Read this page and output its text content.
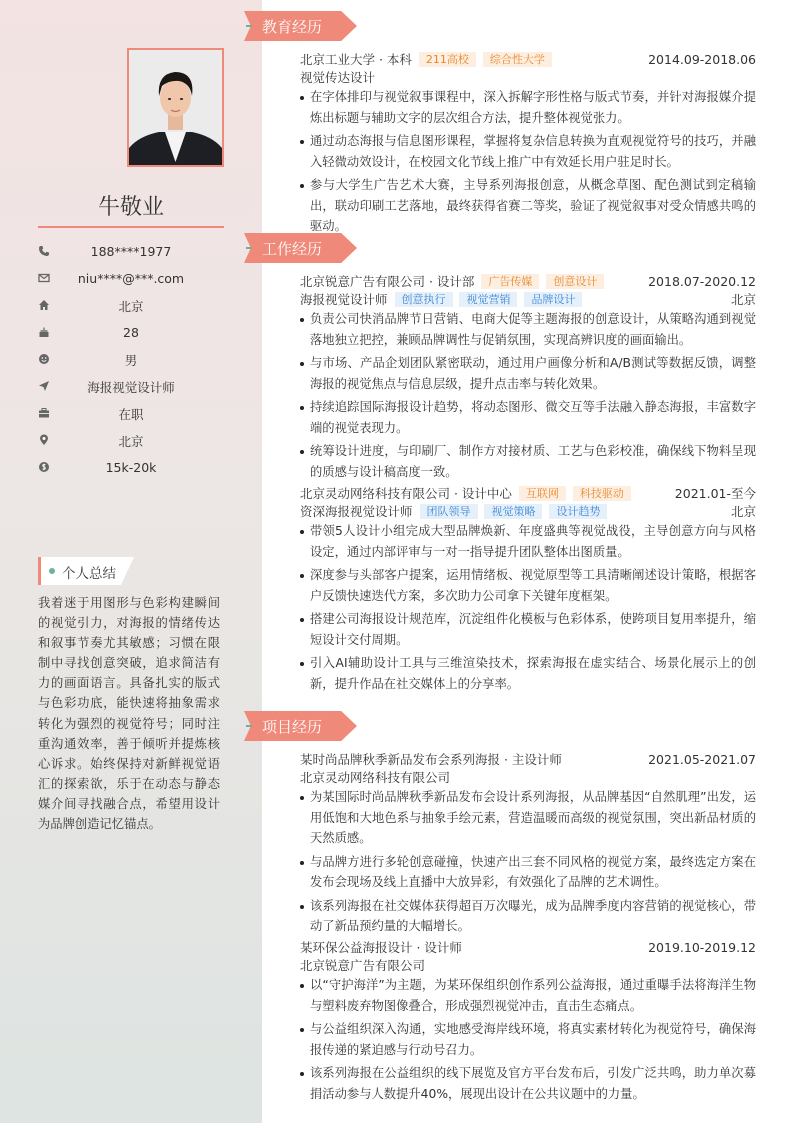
牛敬业
188****1977
niu****@***.com
北京
28
男
海报视觉设计师
在职
北京
15k-20k
个人总结
我着迷于用图形与色彩构建瞬间的视觉引力，对海报的情绪传达和叙事节奏尤其敏感；习惯在限制中寻找创意突破，追求简洁有力的画面语言。具备扎实的版式与色彩功底，能快速将抽象需求转化为强烈的视觉符号；同时注重沟通效率，善于倾听并提炼核心诉求。始终保持对新鲜视觉语汇的探索欲，乐于在动态与静态媒介间寻找融合点，希望用设计为品牌创造记忆锚点。
教育经历
北京工业大学 · 本科 211高校 综合性大学	2014.09-2018.06
视觉传达设计
在字体排印与视觉叙事课程中，深入拆解字形性格与版式节奏，并针对海报媒介提炼出标题与辅助文字的层次组合方法，提升整体视觉张力。
通过动态海报与信息图形课程，掌握将复杂信息转换为直观视觉符号的技巧，并融入轻微动效设计，在校园文化节线上推广中有效延长用户驻足时长。
参与大学生广告艺术大赛，主导系列海报创意，从概念草图、配色测试到定稿输出，联动印刷工艺落地，最终获得省赛二等奖，验证了视觉叙事对受众情感共鸣的驱动。
工作经历
北京锐意广告有限公司 · 设计部 广告传媒 创意设计	2018.07-2020.12
海报视觉设计师 创意执行 视觉营销 品牌设计	北京
负责公司快消品牌节日营销、电商大促等主题海报的创意设计，从策略沟通到视觉落地独立把控，兼顾品牌调性与促销氛围，实现高辨识度的画面输出。
与市场、产品企划团队紧密联动，通过用户画像分析和A/B测试等数据反馈，调整海报的视觉焦点与信息层级，提升点击率与转化效果。
持续追踪国际海报设计趋势，将动态图形、微交互等手法融入静态海报，丰富数字端的视觉表现力。
统筹设计进度，与印刷厂、制作方对接材质、工艺与色彩校准，确保线下物料呈现的质感与设计稿高度一致。
北京灵动网络科技有限公司 · 设计中心 互联网 科技驱动	2021.01-至今
资深海报视觉设计师 团队领导 视觉策略 设计趋势	北京
带领5人设计小组完成大型品牌焕新、年度盛典等视觉战役，主导创意方向与风格设定，通过内部评审与一对一指导提升团队整体出图质量。
深度参与头部客户提案，运用情绪板、视觉原型等工具清晰阐述设计策略，根据客户反馈快速迭代方案，多次助力公司拿下关键年度框架。
搭建公司海报设计规范库，沉淀组件化模板与色彩体系，使跨项目复用率提升，缩短设计交付周期。
引入AI辅助设计工具与三维渲染技术，探索海报在虚实结合、场景化展示上的创新，提升作品在社交媒体上的分享率。
项目经历
某时尚品牌秋季新品发布会系列海报 · 主设计师	2021.05-2021.07
北京灵动网络科技有限公司
为某国际时尚品牌秋季新品发布会设计系列海报，从品牌基因“自然肌理”出发，运用低饱和大地色系与抽象手绘元素，营造温暖而高级的视觉氛围，突出新品材质的天然质感。
与品牌方进行多轮创意碰撞，快速产出三套不同风格的视觉方案，最终选定方案在发布会现场及线上直播中大放异彩，有效强化了品牌的艺术调性。
该系列海报在社交媒体获得超百万次曝光，成为品牌季度内容营销的视觉核心，带动了新品预约量的大幅增长。
某环保公益海报设计 · 设计师	2019.10-2019.12
北京锐意广告有限公司
以“守护海洋”为主题，为某环保组织创作系列公益海报，通过重曝手法将海洋生物与塑料废弃物图像叠合，形成强烈视觉冲击，直击生态痛点。
与公益组织深入沟通，实地感受海岸线环境，将真实素材转化为视觉符号，确保海报传递的紧迫感与行动号召力。
该系列海报在公益组织的线下展览及官方平台发布后，引发广泛共鸣，助力单次募捐活动参与人数提升40%，展现出设计在公共议题中的力量。
